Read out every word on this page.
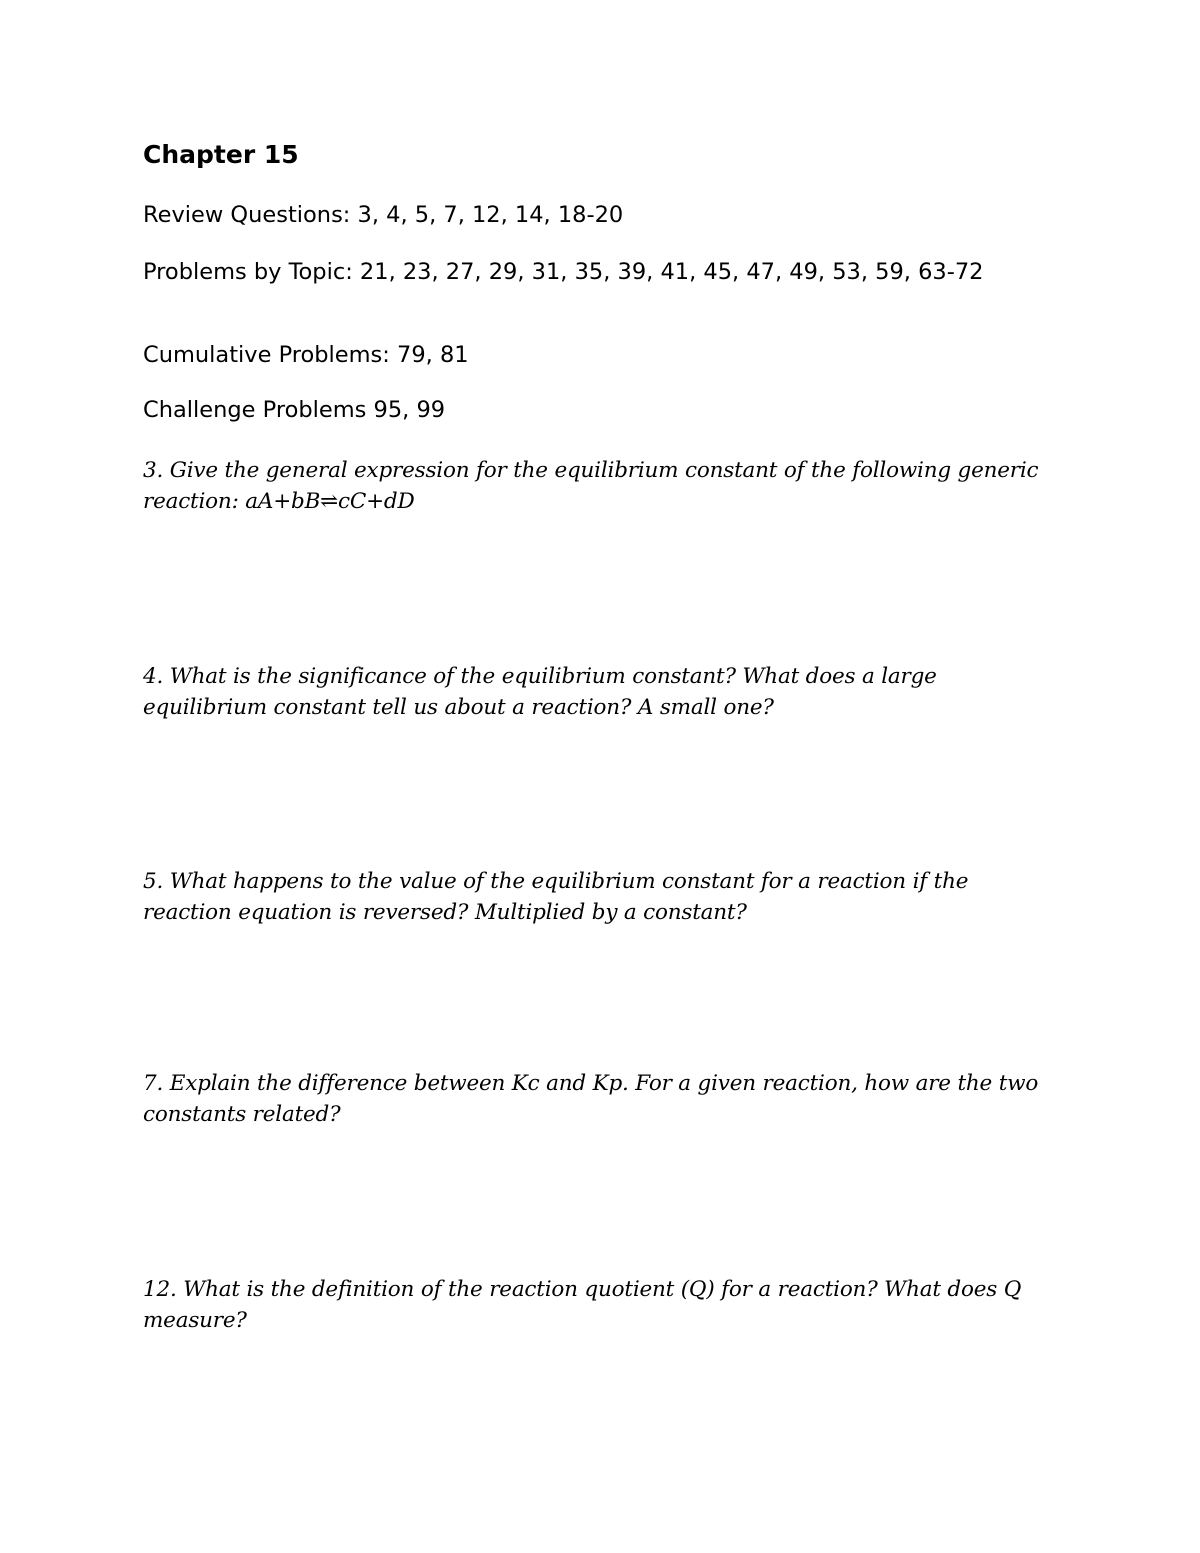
Chapter 15

Review Questions: 3, 4, 5, 7, 12, 14, 18-20

Problems by Topic: 21, 23, 27, 29, 31, 35, 39, 41, 45, 47, 49, 53, 59, 63-72

Cumulative Problems: 79, 81

Challenge Problems 95, 99

3. Give the general expression for the equilibrium constant of the following generic reaction: aA+bB⇌cC+dD

4. What is the significance of the equilibrium constant? What does a large equilibrium constant tell us about a reaction? A small one?

5. What happens to the value of the equilibrium constant for a reaction if the reaction equation is reversed? Multiplied by a constant?

7. Explain the difference between Kc and Kp. For a given reaction, how are the two constants related?

12. What is the definition of the reaction quotient (Q) for a reaction? What does Q measure?
